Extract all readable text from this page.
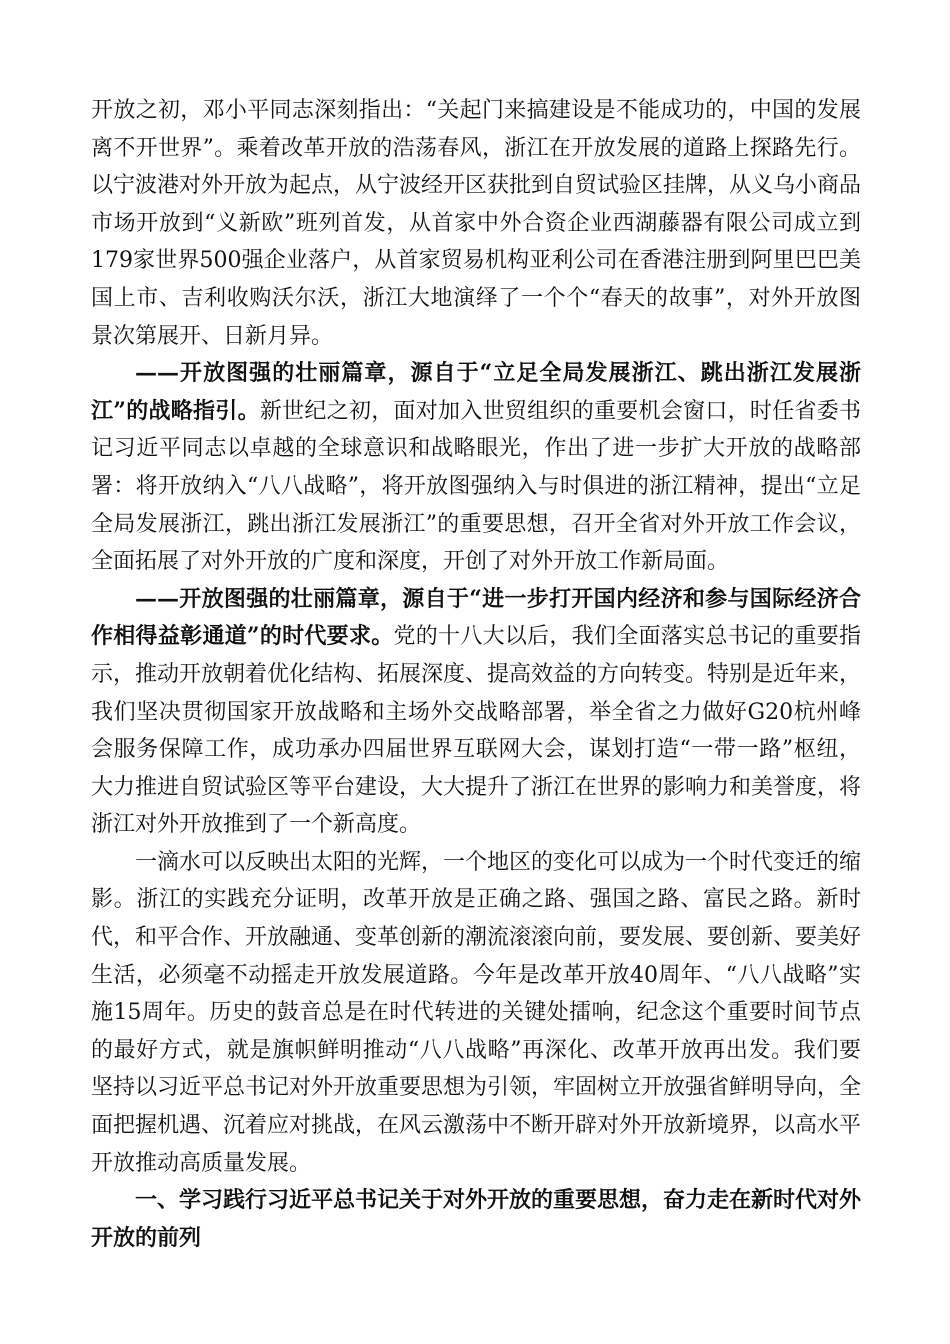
开放之初，邓小平同志深刻指出：“关起门来搞建设是不能成功的，中国的发展离不开世界”。乘着改革开放的浩荡春风，浙江在开放发展的道路上探路先行。以宁波港对外开放为起点，从宁波经开区获批到自贸试验区挂牌，从义乌小商品市场开放到“义新欧”班列首发，从首家中外合资企业西湖藤器有限公司成立到179家世界500强企业落户，从首家贸易机构亚利公司在香港注册到阿里巴巴美国上市、吉利收购沃尔沃，浙江大地演绎了一个个“春天的故事”，对外开放图景次第展开、日新月异。

——开放图强的壮丽篇章，源自于“立足全局发展浙江、跳出浙江发展浙江”的战略指引。新世纪之初，面对加入世贸组织的重要机会窗口，时任省委书记习近平同志以卓越的全球意识和战略眼光，作出了进一步扩大开放的战略部署：将开放纳入“八八战略”，将开放图强纳入与时俱进的浙江精神，提出“立足全局发展浙江，跳出浙江发展浙江”的重要思想，召开全省对外开放工作会议，全面拓展了对外开放的广度和深度，开创了对外开放工作新局面。

——开放图强的壮丽篇章，源自于“进一步打开国内经济和参与国际经济合作相得益彰通道”的时代要求。党的十八大以后，我们全面落实总书记的重要指示，推动开放朝着优化结构、拓展深度、提高效益的方向转变。特别是近年来，我们坚决贯彻国家开放战略和主场外交战略部署，举全省之力做好G20杭州峰会服务保障工作，成功承办四届世界互联网大会，谋划打造“一带一路”枢纽，大力推进自贸试验区等平台建设，大大提升了浙江在世界的影响力和美誉度，将浙江对外开放推到了一个新高度。

一滴水可以反映出太阳的光辉，一个地区的变化可以成为一个时代变迁的缩影。浙江的实践充分证明，改革开放是正确之路、强国之路、富民之路。新时代，和平合作、开放融通、变革创新的潮流滚滚向前，要发展、要创新、要美好生活，必须毫不动摇走开放发展道路。今年是改革开放40周年、“八八战略”实施15周年。历史的鼓音总是在时代转进的关键处擂响，纪念这个重要时间节点的最好方式，就是旗帜鲜明推动“八八战略”再深化、改革开放再出发。我们要坚持以习近平总书记对外开放重要思想为引领，牢固树立开放强省鲜明导向，全面把握机遇、沉着应对挑战，在风云激荡中不断开辟对外开放新境界，以高水平开放推动高质量发展。

一、学习践行习近平总书记关于对外开放的重要思想，奋力走在新时代对外开放的前列
